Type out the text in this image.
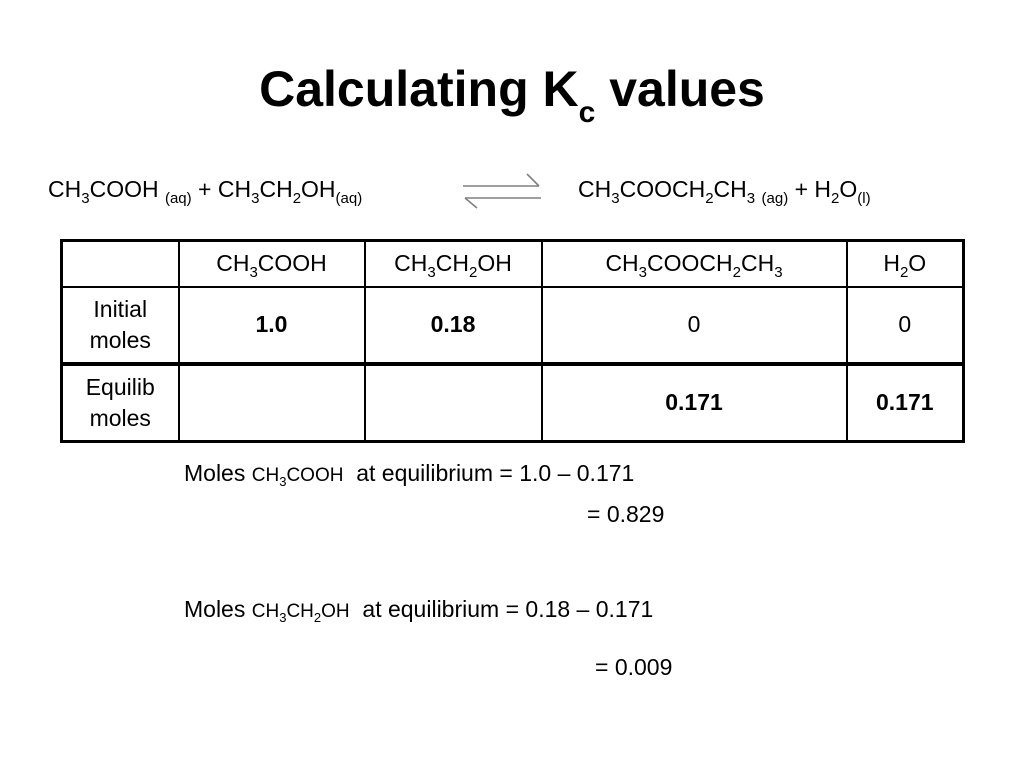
Calculating $K_c$ values
$CH_3COOH$ $_{(aq)} + CH_3CH_2OH_{(aq)}$	$CH_3COOCH_2CH_3$ $_{(ag)} + H_2O_{(l)}$
	$CH_3COOH$	$CH_3CH_2OH$	$CH_3COOCH_2CH_3$	$H_2O$
Initial
moles	1.0	0.18	0	0
Equilib
moles			0.171	0.171
Moles $CH_3COOH$ at equilibrium = 1.0 – 0.171
= 0.829
Moles $CH_3CH_2OH$ at equilibrium = 0.18 – 0.171
= 0.009
